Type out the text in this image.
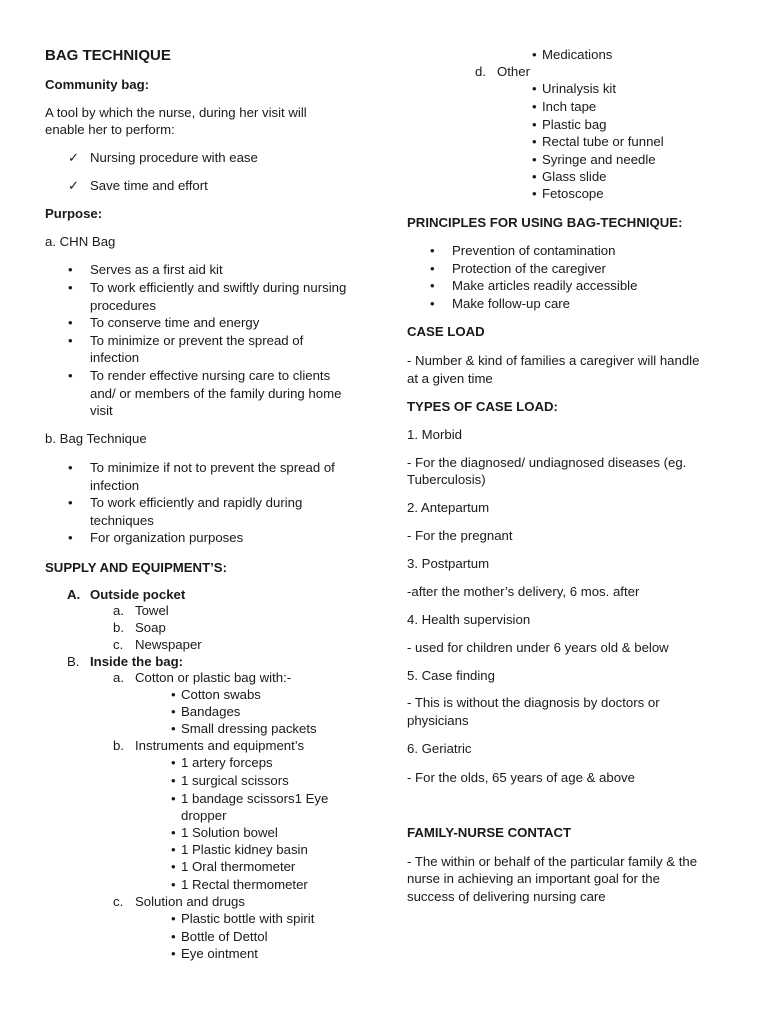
BAG TECHNIQUE
Community bag:
A tool by which the nurse, during her visit will
enable her to perform:
✓ Nursing procedure with ease
✓ Save time and effort
Purpose:
a. CHN Bag
• Serves as a first aid kit
• To work efficiently and swiftly during nursing
procedures
• To conserve time and energy
• To minimize or prevent the spread of
infection
• To render effective nursing care to clients
and/ or members of the family during home
visit
b. Bag Technique
• To minimize if not to prevent the spread of
infection
• To work efficiently and rapidly during
techniques
• For organization purposes
SUPPLY AND EQUIPMENT’S:
A. Outside pocket
a. Towel
b. Soap
c. Newspaper
B. Inside the bag:
a. Cotton or plastic bag with:-
• Cotton swabs
• Bandages
• Small dressing packets
b. Instruments and equipment’s
• 1 artery forceps
• 1 surgical scissors
• 1 bandage scissors1 Eye
dropper
• 1 Solution bowel
• 1 Plastic kidney basin
• 1 Oral thermometer
• 1 Rectal thermometer
c. Solution and drugs
• Plastic bottle with spirit
• Bottle of Dettol
• Eye ointment
• Medications
d. Other
• Urinalysis kit
• Inch tape
• Plastic bag
• Rectal tube or funnel
• Syringe and needle
• Glass slide
• Fetoscope
PRINCIPLES FOR USING BAG-TECHNIQUE:
• Prevention of contamination
• Protection of the caregiver
• Make articles readily accessible
• Make follow-up care
CASE LOAD
- Number & kind of families a caregiver will handle
at a given time
TYPES OF CASE LOAD:
1. Morbid
- For the diagnosed/ undiagnosed diseases (eg.
Tuberculosis)
2. Antepartum
- For the pregnant
3. Postpartum
-after the mother’s delivery, 6 mos. after
4. Health supervision
- used for children under 6 years old & below
5. Case finding
- This is without the diagnosis by doctors or
physicians
6. Geriatric
- For the olds, 65 years of age & above
FAMILY-NURSE CONTACT
- The within or behalf of the particular family & the
nurse in achieving an important goal for the
success of delivering nursing care
